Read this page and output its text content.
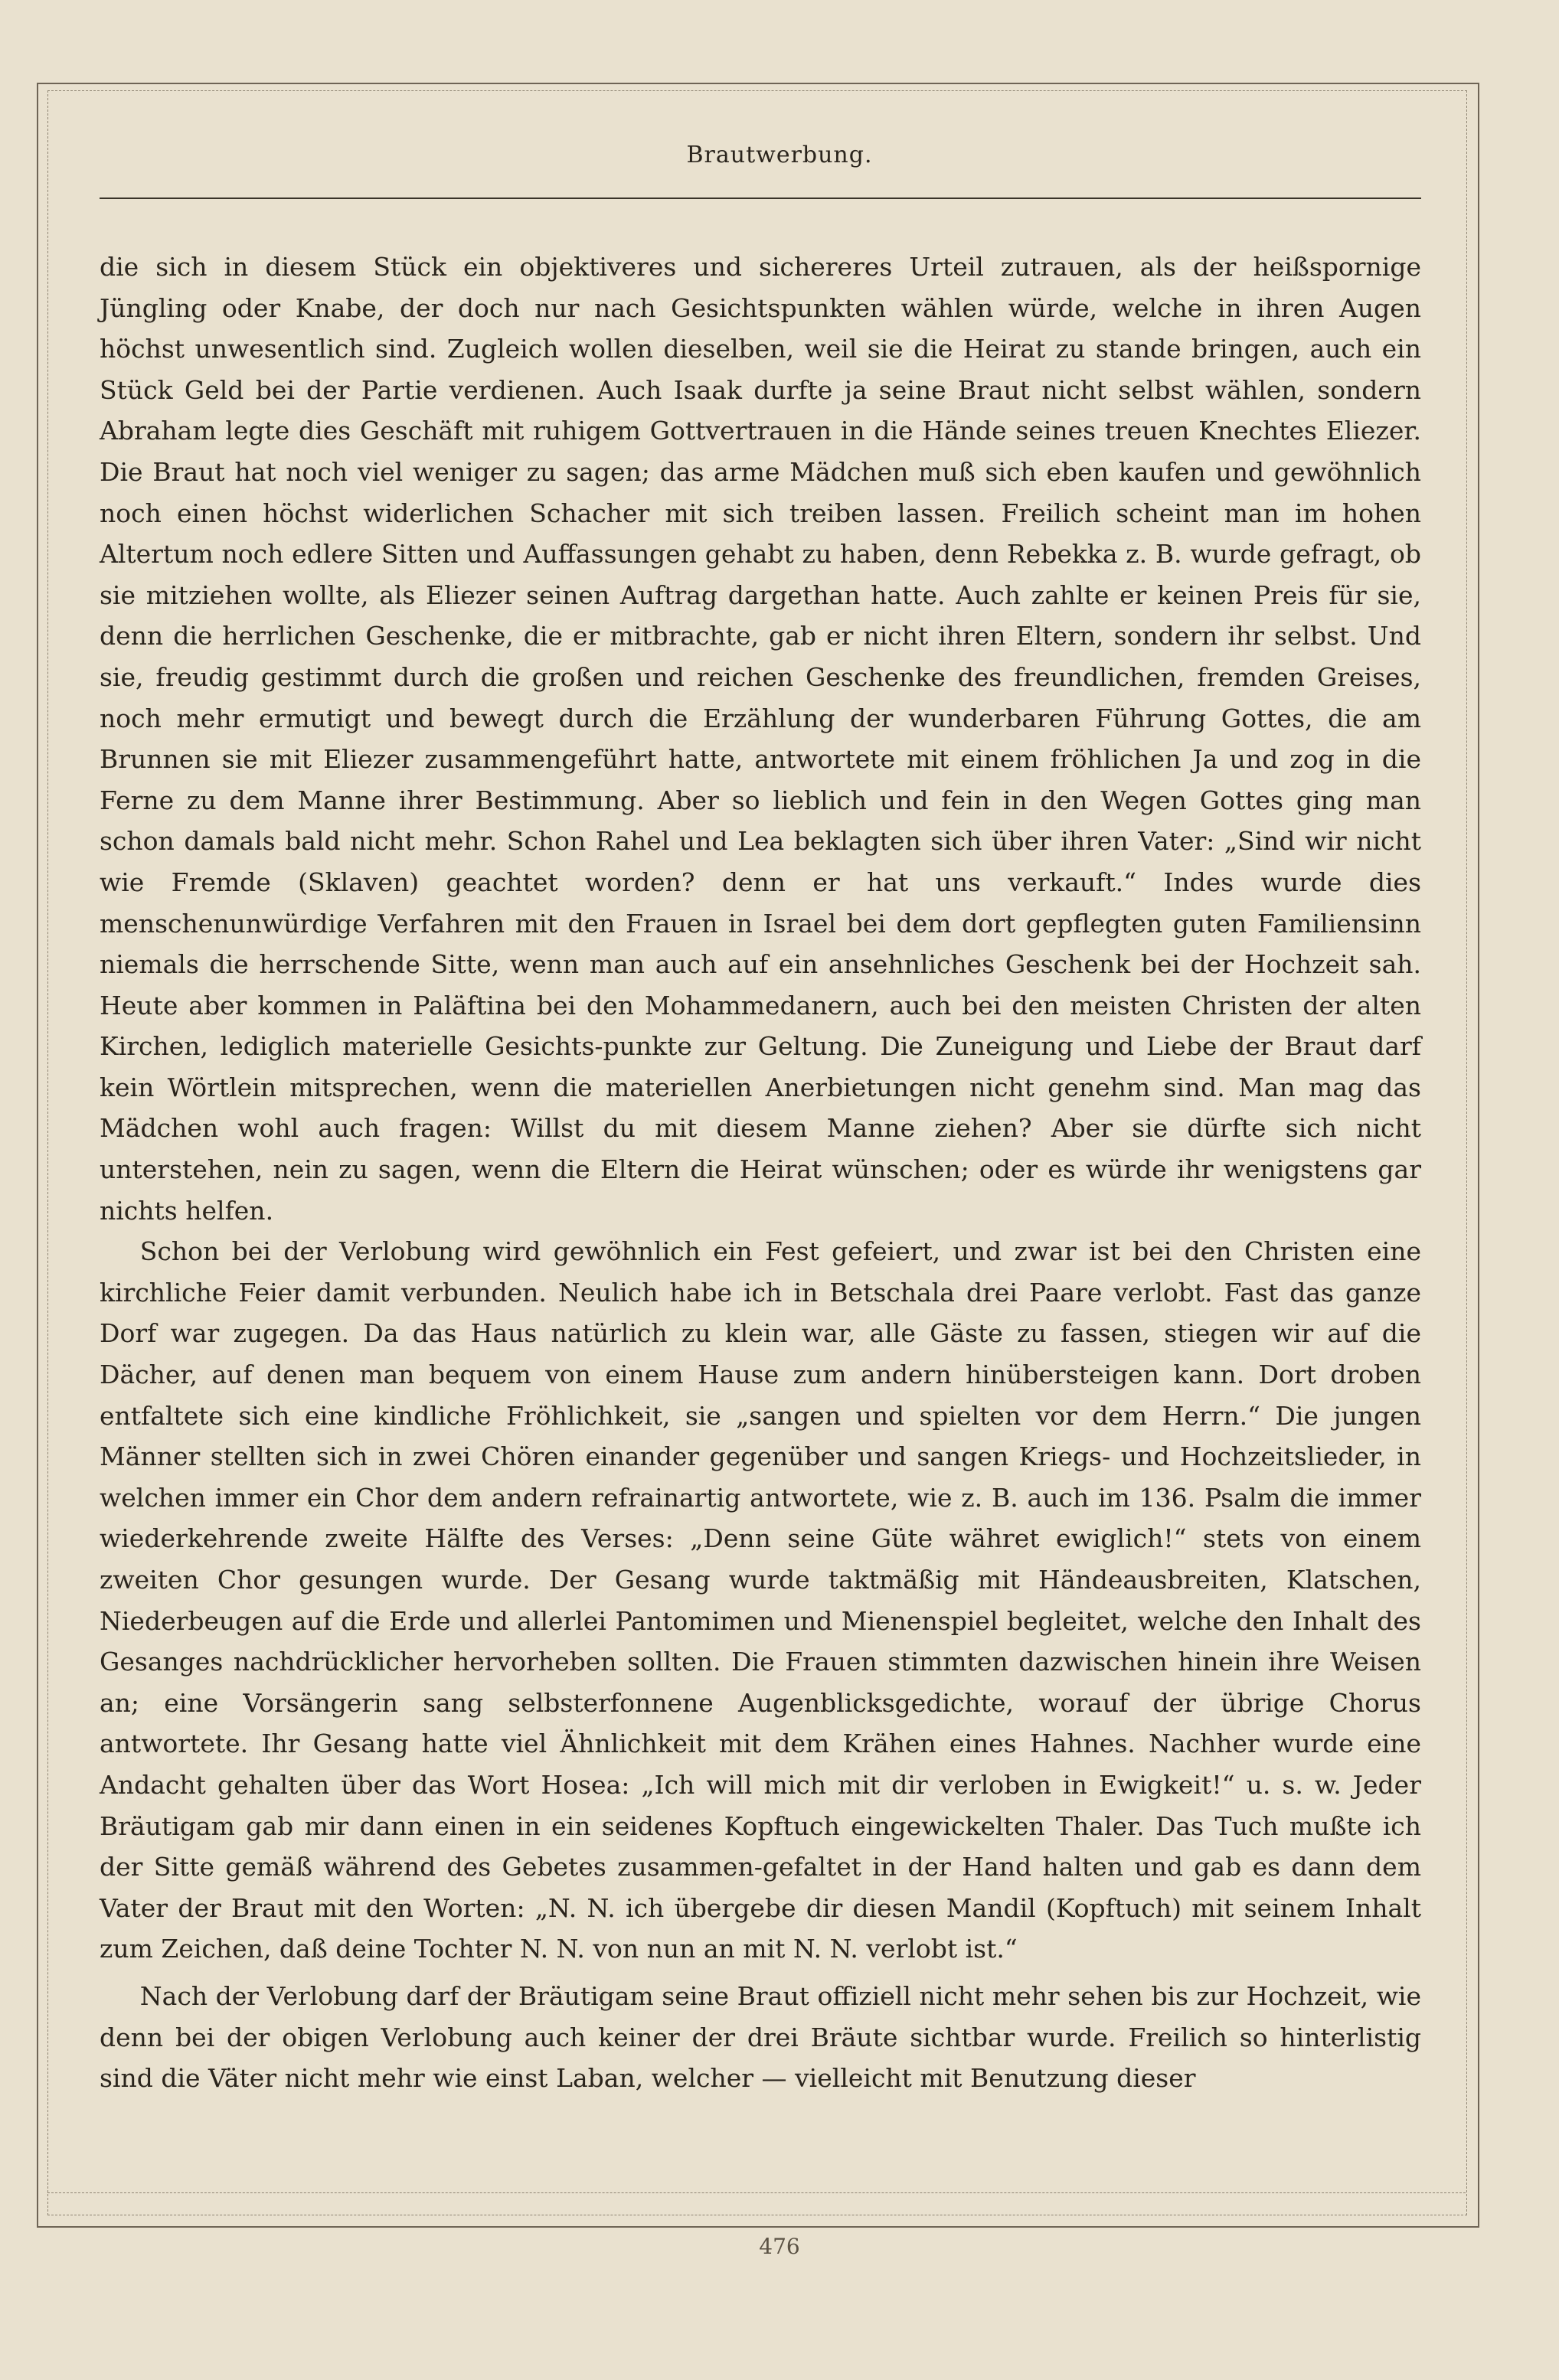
Brautwerbung.

die sich in diesem Stück ein objektiveres und sichereres Urteil zutrauen, als der heißspornige Jüngling oder Knabe, der doch nur nach Gesichtspunkten wählen würde, welche in ihren Augen höchst unwesentlich sind. Zugleich wollen dieselben, weil sie die Heirat zu stande bringen, auch ein Stück Geld bei der Partie verdienen. Auch Isaak durfte ja seine Braut nicht selbst wählen, sondern Abraham legte dies Geschäft mit ruhigem Gottvertrauen in die Hände seines treuen Knechtes Eliezer. Die Braut hat noch viel weniger zu sagen; das arme Mädchen muß sich eben kaufen und gewöhnlich noch einen höchst widerlichen Schacher mit sich treiben lassen. Freilich scheint man im hohen Altertum noch edlere Sitten und Auffassungen gehabt zu haben, denn Rebekka z. B. wurde gefragt, ob sie mitziehen wollte, als Eliezer seinen Auftrag dargethan hatte. Auch zahlte er keinen Preis für sie, denn die herrlichen Geschenke, die er mitbrachte, gab er nicht ihren Eltern, sondern ihr selbst. Und sie, freudig gestimmt durch die großen und reichen Geschenke des freundlichen, fremden Greises, noch mehr ermutigt und bewegt durch die Erzählung der wunderbaren Führung Gottes, die am Brunnen sie mit Eliezer zusammengeführt hatte, antwortete mit einem fröhlichen Ja und zog in die Ferne zu dem Manne ihrer Bestimmung. Aber so lieblich und fein in den Wegen Gottes ging man schon damals bald nicht mehr. Schon Rahel und Lea beklagten sich über ihren Vater: „Sind wir nicht wie Fremde (Sklaven) geachtet worden? denn er hat uns verkauft.“ Indes wurde dies menschenunwürdige Verfahren mit den Frauen in Israel bei dem dort gepflegten guten Familiensinn niemals die herrschende Sitte, wenn man auch auf ein ansehnliches Geschenk bei der Hochzeit sah. Heute aber kommen in Paläftina bei den Mohammedanern, auch bei den meisten Christen der alten Kirchen, lediglich materielle Gesichts-punkte zur Geltung. Die Zuneigung und Liebe der Braut darf kein Wörtlein mitsprechen, wenn die materiellen Anerbietungen nicht genehm sind. Man mag das Mädchen wohl auch fragen: Willst du mit diesem Manne ziehen? Aber sie dürfte sich nicht unterstehen, nein zu sagen, wenn die Eltern die Heirat wünschen; oder es würde ihr wenigstens gar nichts helfen.

Schon bei der Verlobung wird gewöhnlich ein Fest gefeiert, und zwar ist bei den Christen eine kirchliche Feier damit verbunden. Neulich habe ich in Betschala drei Paare verlobt. Fast das ganze Dorf war zugegen. Da das Haus natürlich zu klein war, alle Gäste zu fassen, stiegen wir auf die Dächer, auf denen man bequem von einem Hause zum andern hinübersteigen kann. Dort droben entfaltete sich eine kindliche Fröhlichkeit, sie „sangen und spielten vor dem Herrn.“ Die jungen Männer stellten sich in zwei Chören einander gegenüber und sangen Kriegs- und Hochzeitslieder, in welchen immer ein Chor dem andern refrainartig antwortete, wie z. B. auch im 136. Psalm die immer wiederkehrende zweite Hälfte des Verses: „Denn seine Güte währet ewiglich!“ stets von einem zweiten Chor gesungen wurde. Der Gesang wurde taktmäßig mit Händeausbreiten, Klatschen, Niederbeugen auf die Erde und allerlei Pantomimen und Mienenspiel begleitet, welche den Inhalt des Gesanges nachdrücklicher hervorheben sollten. Die Frauen stimmten dazwischen hinein ihre Weisen an; eine Vorsängerin sang selbsterfonnene Augenblicksgedichte, worauf der übrige Chorus antwortete. Ihr Gesang hatte viel Ähnlichkeit mit dem Krähen eines Hahnes. Nachher wurde eine Andacht gehalten über das Wort Hosea: „Ich will mich mit dir verloben in Ewigkeit!“ u. s. w. Jeder Bräutigam gab mir dann einen in ein seidenes Kopftuch eingewickelten Thaler. Das Tuch mußte ich der Sitte gemäß während des Gebetes zusammen-gefaltet in der Hand halten und gab es dann dem Vater der Braut mit den Worten: „N. N. ich übergebe dir diesen Mandil (Kopftuch) mit seinem Inhalt zum Zeichen, daß deine Tochter N. N. von nun an mit N. N. verlobt ist.“

Nach der Verlobung darf der Bräutigam seine Braut offiziell nicht mehr sehen bis zur Hochzeit, wie denn bei der obigen Verlobung auch keiner der drei Bräute sichtbar wurde. Freilich so hinterlistig sind die Väter nicht mehr wie einst Laban, welcher — vielleicht mit Benutzung dieser

476
